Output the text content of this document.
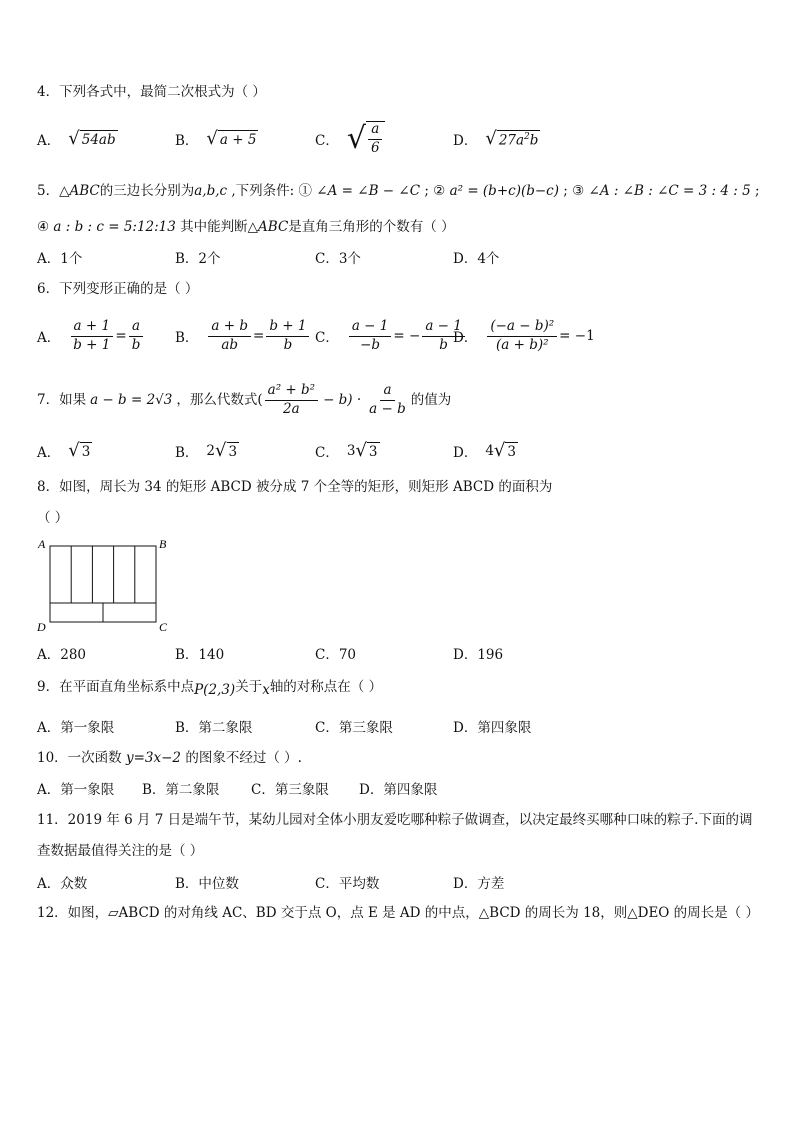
4．下列各式中，最简二次根式为（ ）
A． √ 54ab	B． √ a + 5	C． √ $\frac{a}{6}$	D． √ $27a^2b$
5．△ABC的三边长分别为a,b,c ,下列条件: ① ∠A = ∠B − ∠C ; ② a² = (b+c)(b−c) ; ③ ∠A : ∠B : ∠C = 3 : 4 : 5 ;
④ a : b : c = 5:12:13 其中能判断△ABC是直角三角形的个数有（ ）
A．1个	B．2个	C．3个	D．4个
6．下列变形正确的是（ ）
A． $\frac{a + 1}{b + 1} = \frac{a}{b}$ B． $\frac{a + b}{ab} = \frac{b + 1}{b}$ C． $\frac{a - 1}{-b}$ = − $\frac{a - 1}{b}$
D． $\frac{\text{(−a − b)²}}{\text{(a + b)²}} = -1$
7．如果 a − b = 2√3 ，那么代数式 ( $\frac{\text{a² + b²}}{2a} - b) \cdot \frac{a}{a - b}$ 的值为
A． √ 3	B． 2 √ 3	C． 3 √ 3	D． 4 √ 3
8．如图，周长为 34 的矩形 ABCD 被分成 7 个全等的矩形，则矩形 ABCD 的面积为
（ ）
A	B
C
D
A．280	B．140	C．70	D．196
9．在平面直角坐标系中点P(2,3)关于x轴的对称点在（ ）
A．第一象限	B．第二象限	C．第三象限	D．第四象限
10．一次函数 y=3x−2 的图象不经过（ ）.
A．第一象限 B．第二象限 C．第三象限 D．第四象限
11．2019 年 6 月 7 日是端午节，某幼儿园对全体小朋友爱吃哪种粽子做调查，以决定最终买哪种口味的粽子.下面的调
查数据最值得关注的是（ ）
A．众数	B．中位数	C．平均数	D．方差
12．如图，▱ABCD 的对角线 AC、BD 交于点 O，点 E 是 AD 的中点，△BCD 的周长为 18，则△DEO 的周长是（ ）
